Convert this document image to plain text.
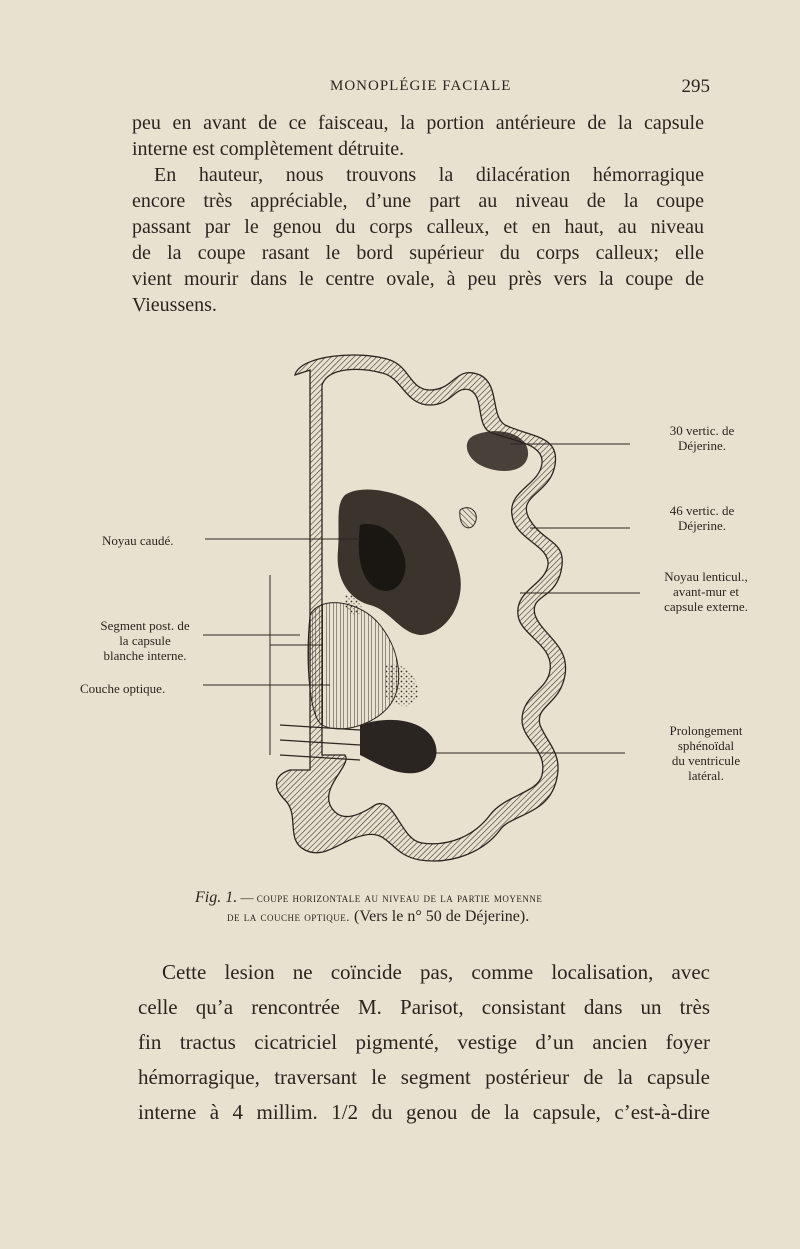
MONOPLÉGIE FACIALE	295
peu en avant de ce faisceau, la portion antérieure de la capsule
interne est complètement détruite.
En hauteur, nous trouvons la dilacération hémorragique
encore très appréciable, d’une part au niveau de la coupe
passant par le genou du corps calleux, et en haut, au niveau
de la coupe rasant le bord supérieur du corps calleux; elle
vient mourir dans le centre ovale, à peu près vers la coupe de
Vieussens.
Noyau caudé.
Segment post. de
la capsule
blanche interne.
Couche optique.
30 vertic. de
Déjerine.
46 vertic. de
Déjerine.
Noyau lenticul.,
avant-mur et
capsule externe.
Prolongement
sphénoïdal
du ventricule
latéral.
Fig. 1. — coupe horizontale au niveau de la partie moyenne
de la couche optique. (Vers le n° 50 de Déjerine).
Cette lesion ne coïncide pas, comme localisation, avec
celle qu’a rencontrée M. Parisot, consistant dans un très
fin tractus cicatriciel pigmenté, vestige d’un ancien foyer
hémorragique, traversant le segment postérieur de la capsule
interne à 4 millim. 1/2 du genou de la capsule, c’est-à-dire
